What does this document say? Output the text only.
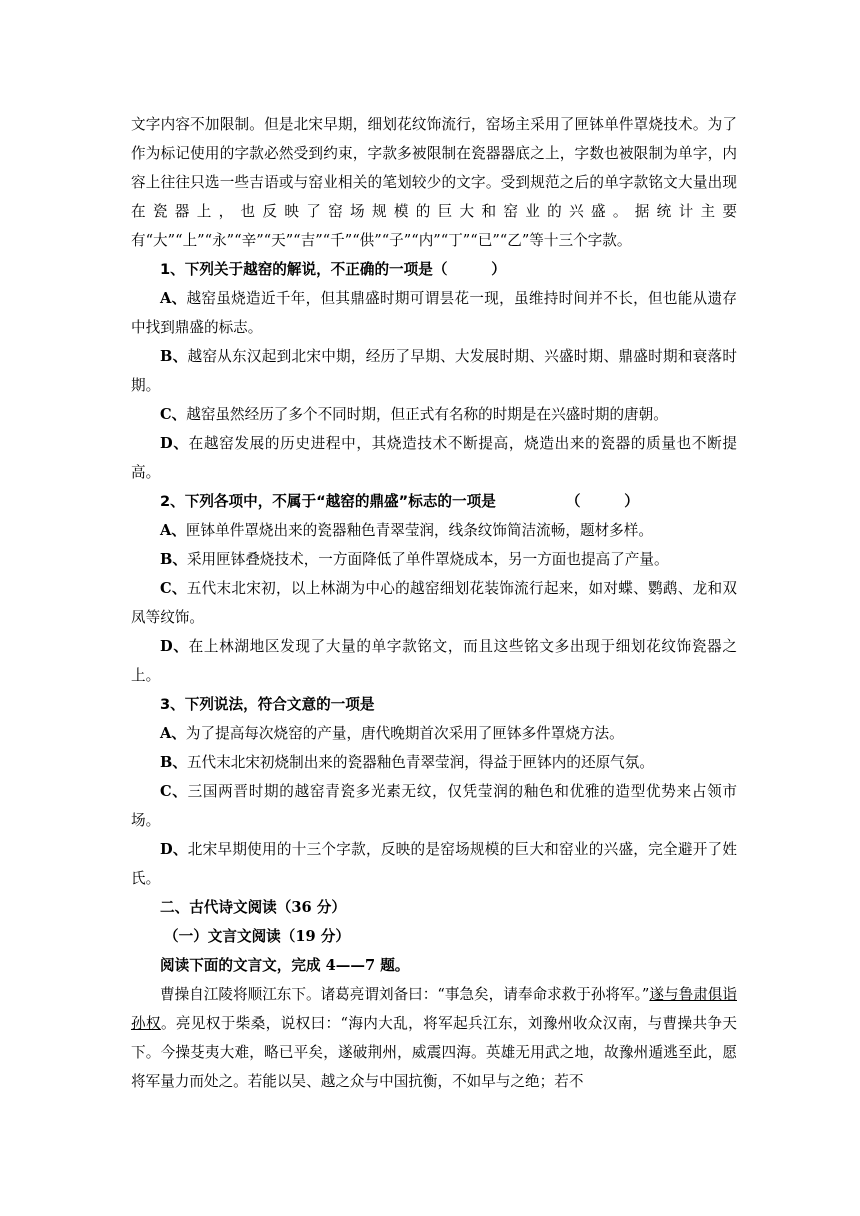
文字内容不加限制。但是北宋早期，细划花纹饰流行，窑场主采用了匣钵单件罩烧技术。为了作为标记使用的字款必然受到约束，字款多被限制在瓷器器底之上，字数也被限制为单字，内容上往往只选一些吉语或与窑业相关的笔划较少的文字。受到规范之后的单字款铭文大量出现在瓷器上，也反映了窑场规模的巨大和窑业的兴盛。据统计主要有“大”“上”“永”“辛”“天”“吉”“千”“供”“子”“内”“丁”“已”“乙”等十三个字款。

1、下列关于越窑的解说，不正确的一项是（　　　）

A、越窑虽烧造近千年，但其鼎盛时期可谓昙花一现，虽维持时间并不长，但也能从遗存中找到鼎盛的标志。

B、越窑从东汉起到北宋中期，经历了早期、大发展时期、兴盛时期、鼎盛时期和衰落时期。

C、越窑虽然经历了多个不同时期，但正式有名称的时期是在兴盛时期的唐朝。

D、在越窑发展的历史进程中，其烧造技术不断提高，烧造出来的瓷器的质量也不断提高。

2、下列各项中，不属于“越窑的鼎盛”标志的一项是	（　　　）

A、匣钵单件罩烧出来的瓷器釉色青翠莹润，线条纹饰简洁流畅，题材多样。

B、采用匣钵叠烧技术，一方面降低了单件罩烧成本，另一方面也提高了产量。

C、五代末北宋初，以上林湖为中心的越窑细划花装饰流行起来，如对蝶、鹦鹉、龙和双凤等纹饰。

D、在上林湖地区发现了大量的单字款铭文，而且这些铭文多出现于细划花纹饰瓷器之上。

3、下列说法，符合文意的一项是

A、为了提高每次烧窑的产量，唐代晚期首次采用了匣钵多件罩烧方法。

B、五代末北宋初烧制出来的瓷器釉色青翠莹润，得益于匣钵内的还原气氛。

C、三国两晋时期的越窑青瓷多光素无纹，仅凭莹润的釉色和优雅的造型优势来占领市场。

D、北宋早期使用的十三个字款，反映的是窑场规模的巨大和窑业的兴盛，完全避开了姓氏。

二、古代诗文阅读（36 分）

（一）文言文阅读（19 分）

阅读下面的文言文，完成 4——7 题。

曹操自江陵将顺江东下。诸葛亮谓刘备曰：“事急矣，请奉命求救于孙将军。”遂与鲁肃俱诣孙权。亮见权于柴桑，说权曰：“海内大乱，将军起兵江东，刘豫州收众汉南，与曹操共争天下。今操芟夷大难，略已平矣，遂破荆州，威震四海。英雄无用武之地，故豫州遁逃至此，愿将军量力而处之。若能以吴、越之众与中国抗衡，不如早与之绝；若不
